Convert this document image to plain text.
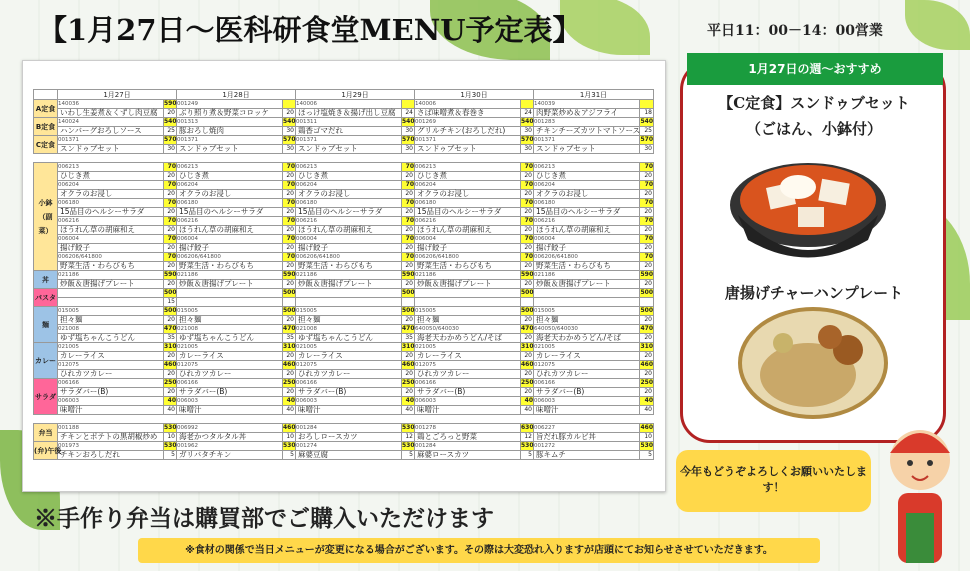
【1月27日～医科研食堂MENU予定表】	平日11：00－14：00営業
	1月27日		1月28日		1月29日		1月30日		1月31日	
A定食	140036	590	001249		140006		140006		140039	
	いわし生姜煮＆くずし肉豆腐	20	ぶり照り煮＆野菜コロッケ	20	ほっけ塩焼き＆揚げ出し豆腐	24	さば味噌煮＆春巻き	24	肉野菜炒め＆アジフライ	18
B定食	140024	540	001313	540	001311	540	001269	540	001283	540
	ハンバーグおろしソース	25	豚おろし焼肉	30	鶏香ゴマだれ	30	グリルチキン(おろしだれ)	30	チキンチーズカツトマトソース	25
C定食	001371	570	001371	570	001371	570	001371	570	001371	570
	スンドゥブセット	30	スンドゥブセット	30	スンドゥブセット	30	スンドゥブセット	30	スンドゥブセット	30

小鉢（副菜）	006213	70	006213	70	006213	70	006213	70	006213	70
	ひじき煮	20	ひじき煮	20	ひじき煮	20	ひじき煮	20	ひじき煮	20
	006204	70	006204	70	006204	70	006204	70	006204	70
	オクラのお浸し	20	オクラのお浸し	20	オクラのお浸し	20	オクラのお浸し	20	オクラのお浸し	20
	006180	70	006180	70	006180	70	006180	70	006180	70
	15品目のヘルシーサラダ	20	15品目のヘルシーサラダ	20	15品目のヘルシーサラダ	20	15品目のヘルシーサラダ	20	15品目のヘルシーサラダ	20
	006216	70	006216	70	006216	70	006216	70	006216	70
	ほうれん草の胡麻和え	20	ほうれん草の胡麻和え	20	ほうれん草の胡麻和え	20	ほうれん草の胡麻和え	20	ほうれん草の胡麻和え	20
	006004	70	006004	70	006004	70	006004	70	006004	70
	揚げ餃子	20	揚げ餃子	20	揚げ餃子	20	揚げ餃子	20	揚げ餃子	20
	006206/641800	70	006206/641800	70	006206/641800	70	006206/641800	70	006206/641800	70
	野菜生活・わらびもち	20	野菜生活・わらびもち	20	野菜生活・わらびもち	20	野菜生活・わらびもち	20	野菜生活・わらびもち	20
丼	021186	590	021186	590	021186	590	021186	590	021186	590
	炒飯＆唐揚げプレート	20	炒飯＆唐揚げプレート	20	炒飯＆唐揚げプレート	20	炒飯＆唐揚げプレート	20	炒飯＆唐揚げプレート	20
パスタ		500		500		500		500		500
		15								
麺	015005	500	015005	500	015005	500	015005	500	015005	500
	担々麺	20	担々麺	20	担々麺	20	担々麺	20	担々麺	20
	021008	470	021008	470	021008	470	640050/640030	470	640050/640030	470
	ゆず塩ちゃんこうどん	35	ゆず塩ちゃんこうどん	35	ゆず塩ちゃんこうどん	35	海老天わかめうどん/そば	20	海老天わかめうどん/そば	20
カレー	021005	310	021005	310	021005	310	021005	310	021005	310
	カレーライス	20	カレーライス	20	カレーライス	20	カレーライス	20	カレーライス	20
	012075	460	012075	460	012075	460	012075	460	012075	460
	ひれカツカレー	20	ひれカツカレー	20	ひれカツカレー	20	ひれカツカレー	20	ひれカツカレー	20
サラダ	006166	250	006166	250	006166	250	006166	250	006166	250
	サラダバー(B)	20	サラダバー(B)	20	サラダバー(B)	20	サラダバー(B)	20	サラダバー(B)	20
	006003	40	006003	40	006003	40	006003	40	006003	40
	味噌汁	40	味噌汁	40	味噌汁	40	味噌汁	40	味噌汁	40

弁当	001188	530	006992	460	001284	530	001278	630	006227	460
	チキンとポテトの黒胡椒炒め	10	海老かつタルタル丼	10	おろしロースカツ	12	鶏とごろっと野菜	12	旨だれ豚カルビ丼	10
(弁)午後	001973	530	001962	530	001274	530	001284	530	001272	530
	チキンおろしだれ	5	ガリバタチキン	5	麻婆豆腐	5	麻婆ロースカツ	5	豚キムチ	5
※手作り弁当は購買部でご購入いただけます
※食材の関係で当日メニューが変更になる場合がございます。その際は大変恐れ入りますが店頭にてお知らせさせていただきます。
1月27日の週～おすすめ
【C定食】スンドゥブセット
（ごはん、小鉢付）
唐揚げチャーハンプレート
今年もどうぞよろしくお願いいたします！
